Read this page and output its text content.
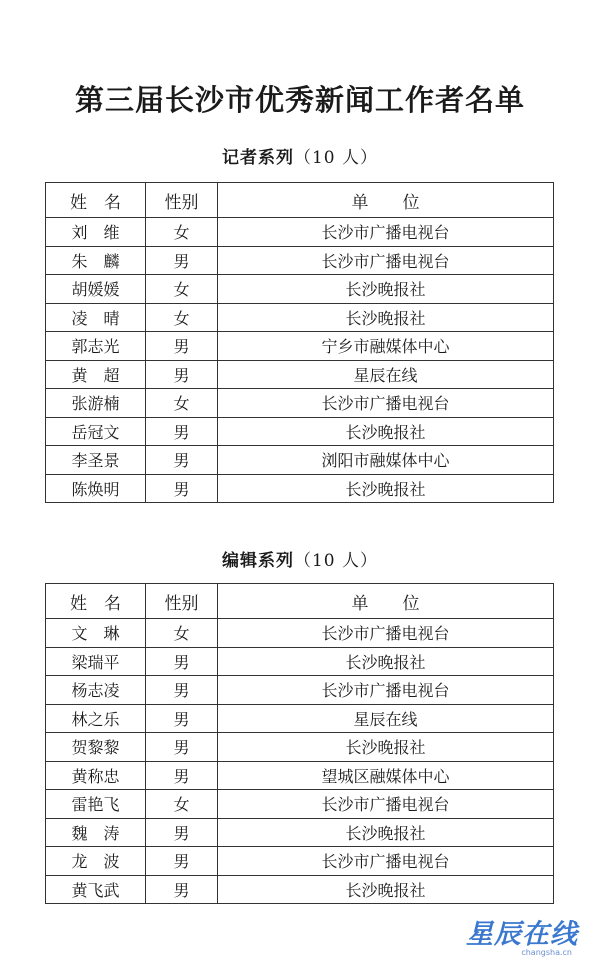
第三届长沙市优秀新闻工作者名单
记者系列（10 人）
姓　名	性别	单　　位
刘　维	女	长沙市广播电视台
朱　麟	男	长沙市广播电视台
胡媛媛	女	长沙晚报社
凌　晴	女	长沙晚报社
郭志光	男	宁乡市融媒体中心
黄　超	男	星辰在线
张游楠	女	长沙市广播电视台
岳冠文	男	长沙晚报社
李圣景	男	浏阳市融媒体中心
陈焕明	男	长沙晚报社
编辑系列（10 人）
姓　名	性别	单　　位
文　琳	女	长沙市广播电视台
梁瑞平	男	长沙晚报社
杨志凌	男	长沙市广播电视台
林之乐	男	星辰在线
贺黎黎	男	长沙晚报社
黄称忠	男	望城区融媒体中心
雷艳飞	女	长沙市广播电视台
魏　涛	男	长沙晚报社
龙　波	男	长沙市广播电视台
黄飞武	男	长沙晚报社
星辰在线
changsha.cn
